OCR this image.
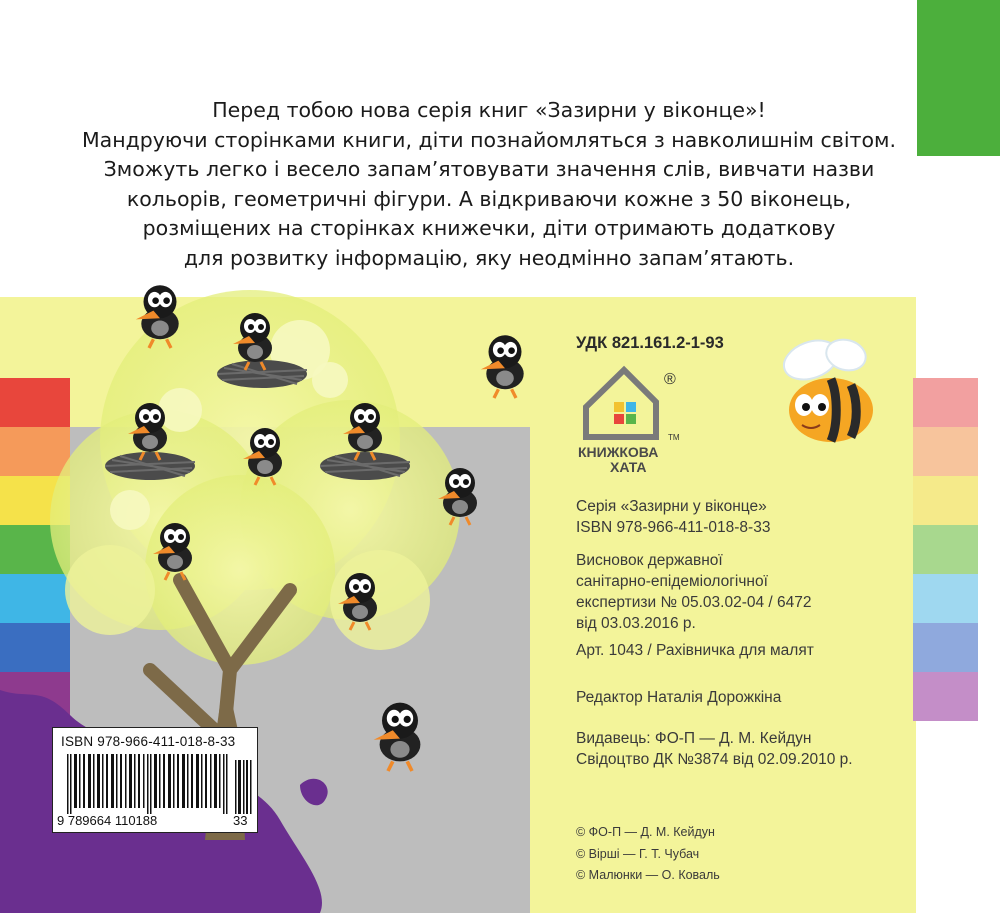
Перед тобою нова серія книг «Зазирни у віконце»!

Мандруючи сторінками книги, діти познайомляться з навколишнім світом.

Зможуть легко і весело запам’ятовувати значення слів, вивчати назви

кольорів, геометричні фігури. А відкриваючи кожне з 50 віконець,

розміщених на сторінках книжечки, діти отримають додаткову

для розвитку інформацію, яку неодмінно запам’ятають.

КНИЖКОВА
ХАТА
®
TM
УДК 821.161.2-1-93
Серія «Зазирни у віконце»
ISBN 978-966-411-018-8-33
Висновок державної
санітарно-епідеміологічної
експертизи № 05.03.02-04 / 6472
від 03.03.2016 р.
Арт. 1043 / Рахівничка для малят
Редактор Наталія Дорожкіна
Видавець: ФО-П — Д. М. Кейдун
Свідоцтво ДК №3874 від 02.09.2010 р.
© ФО-П — Д. М. Кейдун
© Вірші — Г. Т. Чубач
© Малюнки — О. Коваль
ISBN 978-966-411-018-8-33
9 789664 110188	33
